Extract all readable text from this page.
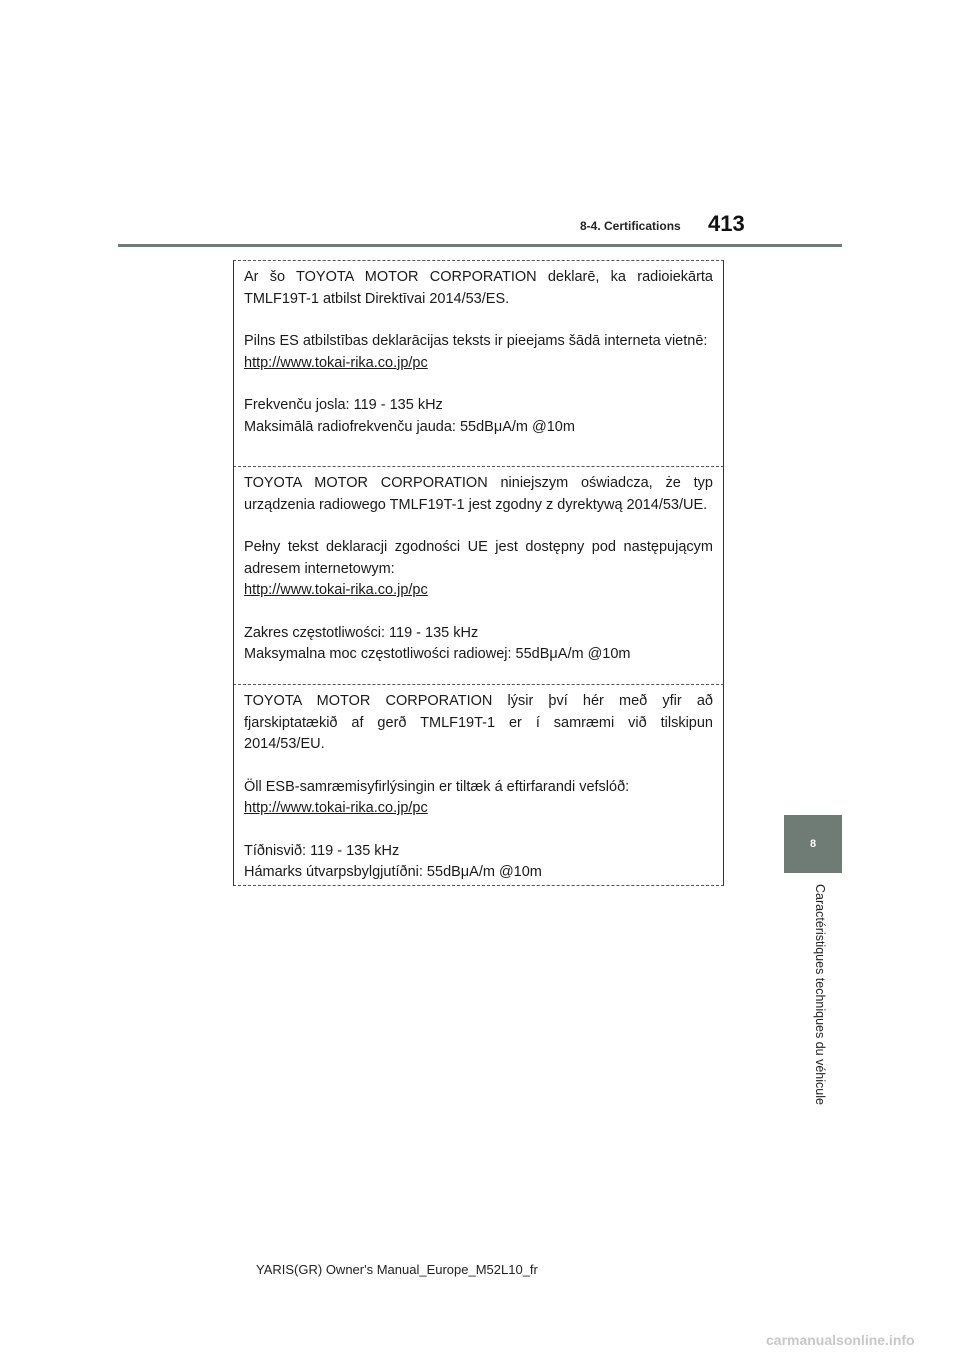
8-4. Certifications 413
8
Caractéristiques techniques du véhicule

Ar šo TOYOTA MOTOR CORPORATION deklarē, ka radioiekārta TMLF19T-1 atbilst Direktīvai 2014/53/ES.

Pilns ES atbilstības deklarācijas teksts ir pieejams šādā interneta vietnē:
http://www.tokai-rika.co.jp/pc

Frekvenču josla: 119 - 135 kHz
Maksimālā radiofrekvenču jauda: 55dBμA/m @10m

TOYOTA MOTOR CORPORATION niniejszym oświadcza, że typ urządzenia radiowego TMLF19T-1 jest zgodny z dyrektywą 2014/53/UE.

Pełny tekst deklaracji zgodności UE jest dostępny pod następującym adresem internetowym:
http://www.tokai-rika.co.jp/pc

Zakres częstotliwości: 119 - 135 kHz
Maksymalna moc częstotliwości radiowej: 55dBμA/m @10m

TOYOTA MOTOR CORPORATION lýsir því hér með yfir að fjarskiptatækið af gerð TMLF19T-1 er í samræmi við tilskipun 2014/53/EU.

Öll ESB-samræmisyfirlýsingin er tiltæk á eftirfarandi vefslóð:
http://www.tokai-rika.co.jp/pc

Tíðnisvið: 119 - 135 kHz
Hámarks útvarpsbylgjutíðni: 55dBμA/m @10m

YARIS(GR) Owner's Manual_Europe_M52L10_fr
carmanualsonline.info
